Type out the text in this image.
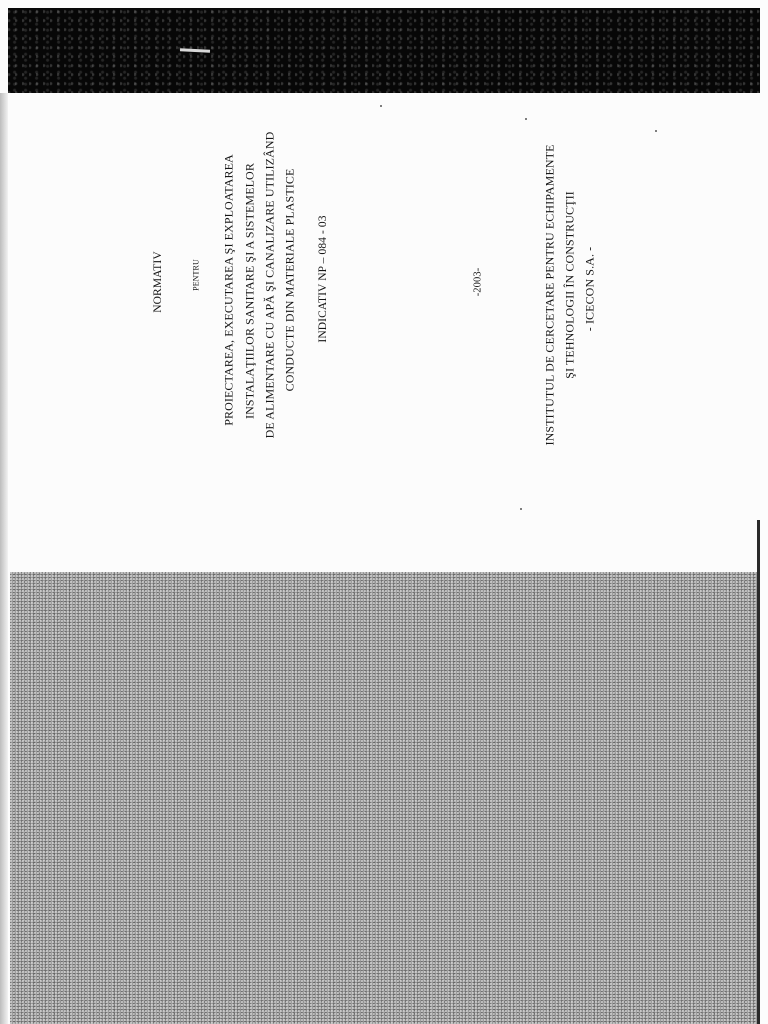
NORMATIV	PENTRU PROIECTAREA, EXECUTAREA ŞI EXPLOATAREA INSTALAŢIILOR SANITARE ŞI A SISTEMELOR DE ALIMENTARE CU APĂ ŞI CANALIZARE UTILIZÂND CONDUCTE DIN MATERIALE PLASTICE INDICATIV NP – 084 - 03	-2003-	INSTITUTUL DE CERCETARE PENTRU ECHIPAMENTE ŞI TEHNOLOGII ÎN CONSTRUCŢII - ICECON S.A. -
